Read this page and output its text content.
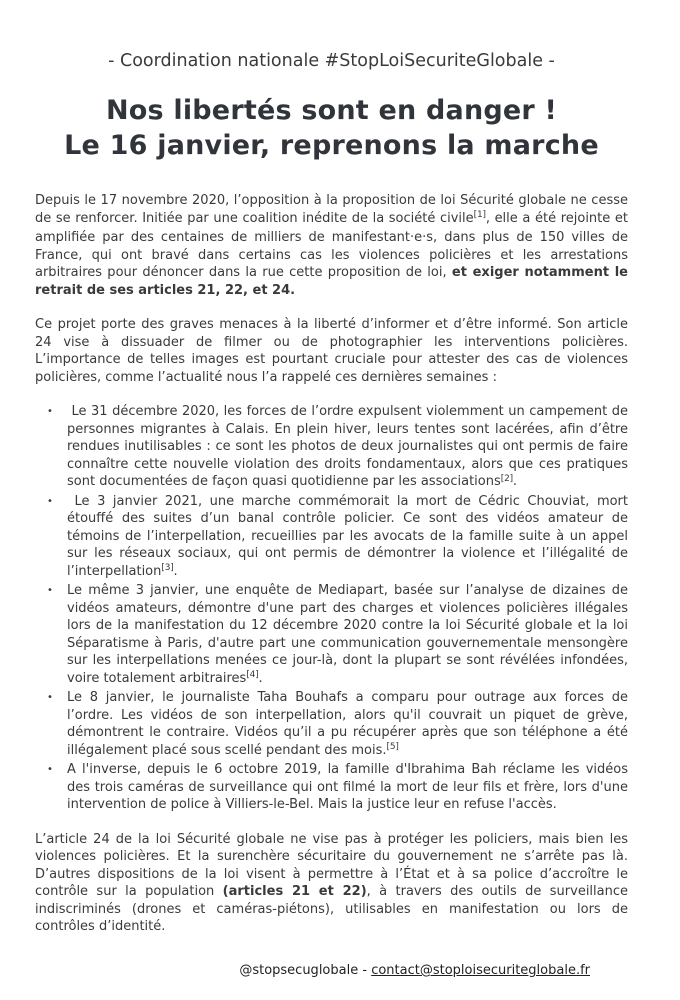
- Coordination nationale #StopLoiSecuriteGlobale -
Nos libertés sont en danger !
Le 16 janvier, reprenons la marche
Depuis le 17 novembre 2020, l’opposition à la proposition de loi Sécurité globale ne cesse de se renforcer. Initiée par une coalition inédite de la société civile[1], elle a été rejointe et amplifiée par des centaines de milliers de manifestant·e·s, dans plus de 150 villes de France, qui ont bravé dans certains cas les violences policières et les arrestations arbitraires pour dénoncer dans la rue cette proposition de loi, et exiger notamment le retrait de ses articles 21, 22, et 24.
Ce projet porte des graves menaces à la liberté d’informer et d’être informé. Son article 24 vise à dissuader de filmer ou de photographier les interventions policières. L’importance de telles images est pourtant cruciale pour attester des cas de violences policières, comme l’actualité nous l’a rappelé ces dernières semaines :
• Le 31 décembre 2020, les forces de l’ordre expulsent violemment un campement de personnes migrantes à Calais. En plein hiver, leurs tentes sont lacérées, afin d’être rendues inutilisables : ce sont les photos de deux journalistes qui ont permis de faire connaître cette nouvelle violation des droits fondamentaux, alors que ces pratiques sont documentées de façon quasi quotidienne par les associations[2].
• Le 3 janvier 2021, une marche commémorait la mort de Cédric Chouviat, mort étouffé des suites d’un banal contrôle policier. Ce sont des vidéos amateur de témoins de l’interpellation, recueillies par les avocats de la famille suite à un appel sur les réseaux sociaux, qui ont permis de démontrer la violence et l’illégalité de l’interpellation[3].
• Le même 3 janvier, une enquête de Mediapart, basée sur l’analyse de dizaines de vidéos amateurs, démontre d'une part des charges et violences policières illégales lors de la manifestation du 12 décembre 2020 contre la loi Sécurité globale et la loi Séparatisme à Paris, d'autre part une communication gouvernementale mensongère sur les interpellations menées ce jour-là, dont la plupart se sont révélées infondées, voire totalement arbitraires[4].
• Le 8 janvier, le journaliste Taha Bouhafs a comparu pour outrage aux forces de l’ordre. Les vidéos de son interpellation, alors qu'il couvrait un piquet de grève, démontrent le contraire. Vidéos qu’il a pu récupérer après que son téléphone a été illégalement placé sous scellé pendant des mois.[5]
• A l'inverse, depuis le 6 octobre 2019, la famille d'Ibrahima Bah réclame les vidéos des trois caméras de surveillance qui ont filmé la mort de leur fils et frère, lors d'une intervention de police à Villiers-le-Bel. Mais la justice leur en refuse l'accès.
L’article 24 de la loi Sécurité globale ne vise pas à protéger les policiers, mais bien les violences policières. Et la surenchère sécuritaire du gouvernement ne s’arrête pas là. D’autres dispositions de la loi visent à permettre à l’État et à sa police d’accroître le contrôle sur la population (articles 21 et 22), à travers des outils de surveillance indiscriminés (drones et caméras-piétons), utilisables en manifestation ou lors de contrôles d’identité.
@stopsecuglobale - contact@stoploisecuriteglobale.fr
